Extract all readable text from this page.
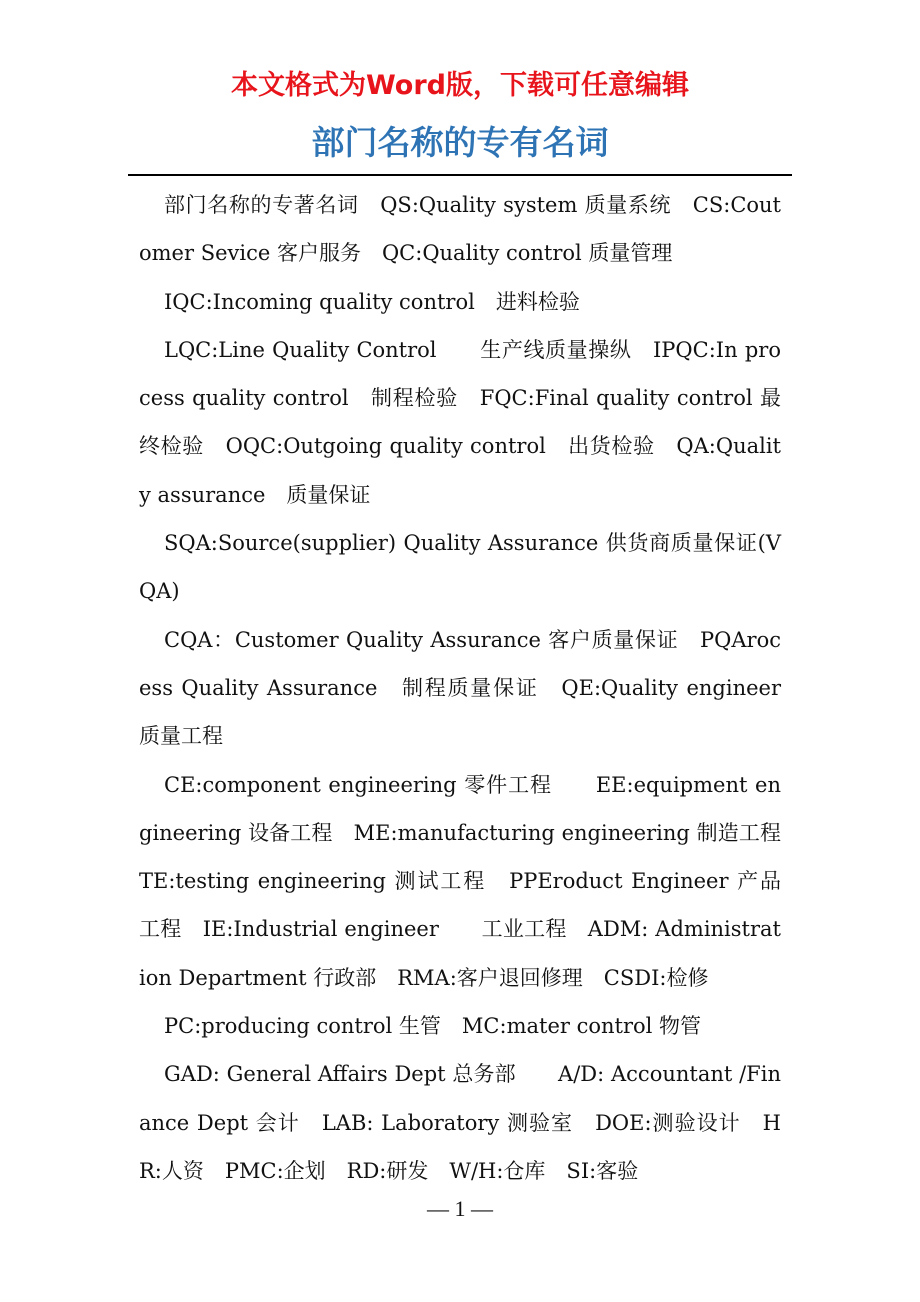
本文格式为Word版，下载可任意编辑
部门名称的专有名词

部门名称的专著名词　QS:Quality system 质量系统　CS:Coutomer Sevice 客户服务　QC:Quality control 质量管理

IQC:Incoming quality control　进料检验

LQC:Line Quality Control　　生产线质量操纵　IPQC:In process quality control　制程检验　FQC:Final quality control 最终检验　OQC:Outgoing quality control　出货检验　QA:Quality assurance　质量保证

SQA:Source(supplier) Quality Assurance 供货商质量保证(VQA)

CQA：Customer Quality Assurance 客户质量保证　PQArocess Quality Assurance　制程质量保证　QE:Quality engineer 质量工程

CE:component engineering 零件工程　　EE:equipment engineering 设备工程　ME:manufacturing engineering 制造工程　TE:testing engineering 测试工程　PPEroduct Engineer 产品工程　IE:Industrial engineer　　工业工程　ADM: Administration Department 行政部　RMA:客户退回修理　CSDI:检修

PC:producing control 生管　MC:mater control 物管

GAD: General Affairs Dept 总务部　　A/D: Accountant /Finance Dept 会计　LAB: Laboratory 测验室　DOE:测验设计　HR:人资　PMC:企划　RD:研发　W/H:仓库　SI:客验

— 1 —
